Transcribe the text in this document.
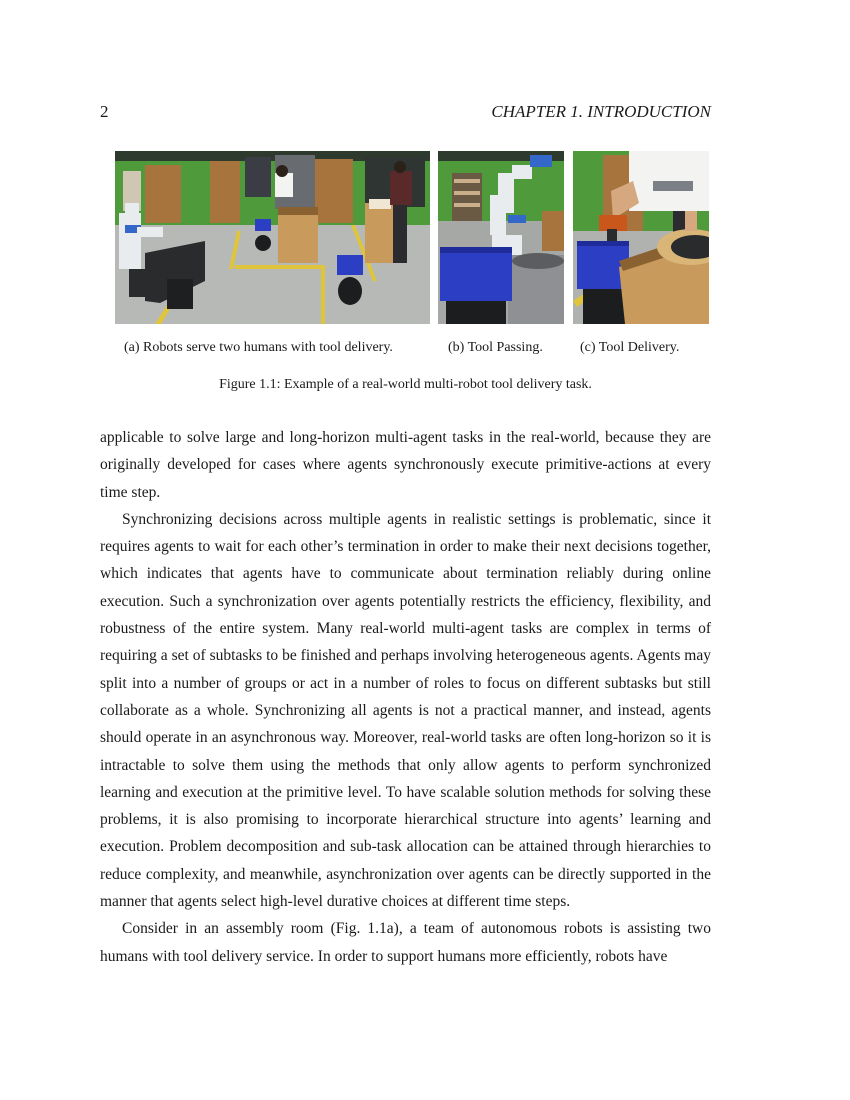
2	CHAPTER 1. INTRODUCTION
(a) Robots serve two humans with tool delivery.	(b) Tool Passing.	(c) Tool Delivery.
Figure 1.1: Example of a real-world multi-robot tool delivery task.

applicable to solve large and long-horizon multi-agent tasks in the real-world, because they are originally developed for cases where agents synchronously execute primitive-actions at every time step.

Synchronizing decisions across multiple agents in realistic settings is problematic, since it requires agents to wait for each other’s termination in order to make their next decisions together, which indicates that agents have to communicate about termination reliably during online execution. Such a synchronization over agents potentially restricts the efficiency, flexibility, and robustness of the entire system. Many real-world multi-agent tasks are complex in terms of requiring a set of subtasks to be finished and perhaps involving heterogeneous agents. Agents may split into a number of groups or act in a number of roles to focus on different subtasks but still collaborate as a whole. Synchronizing all agents is not a practical manner, and instead, agents should operate in an asynchronous way. Moreover, real-world tasks are often long-horizon so it is intractable to solve them using the methods that only allow agents to perform synchronized learning and execution at the primitive level. To have scalable solution methods for solving these problems, it is also promising to incorporate hierarchical structure into agents’ learning and execution. Problem decomposition and sub-task allocation can be attained through hierarchies to reduce complexity, and meanwhile, asynchronization over agents can be directly supported in the manner that agents select high-level durative choices at different time steps.

Consider in an assembly room (Fig. 1.1a), a team of autonomous robots is assisting two humans with tool delivery service. In order to support humans more efficiently, robots have
